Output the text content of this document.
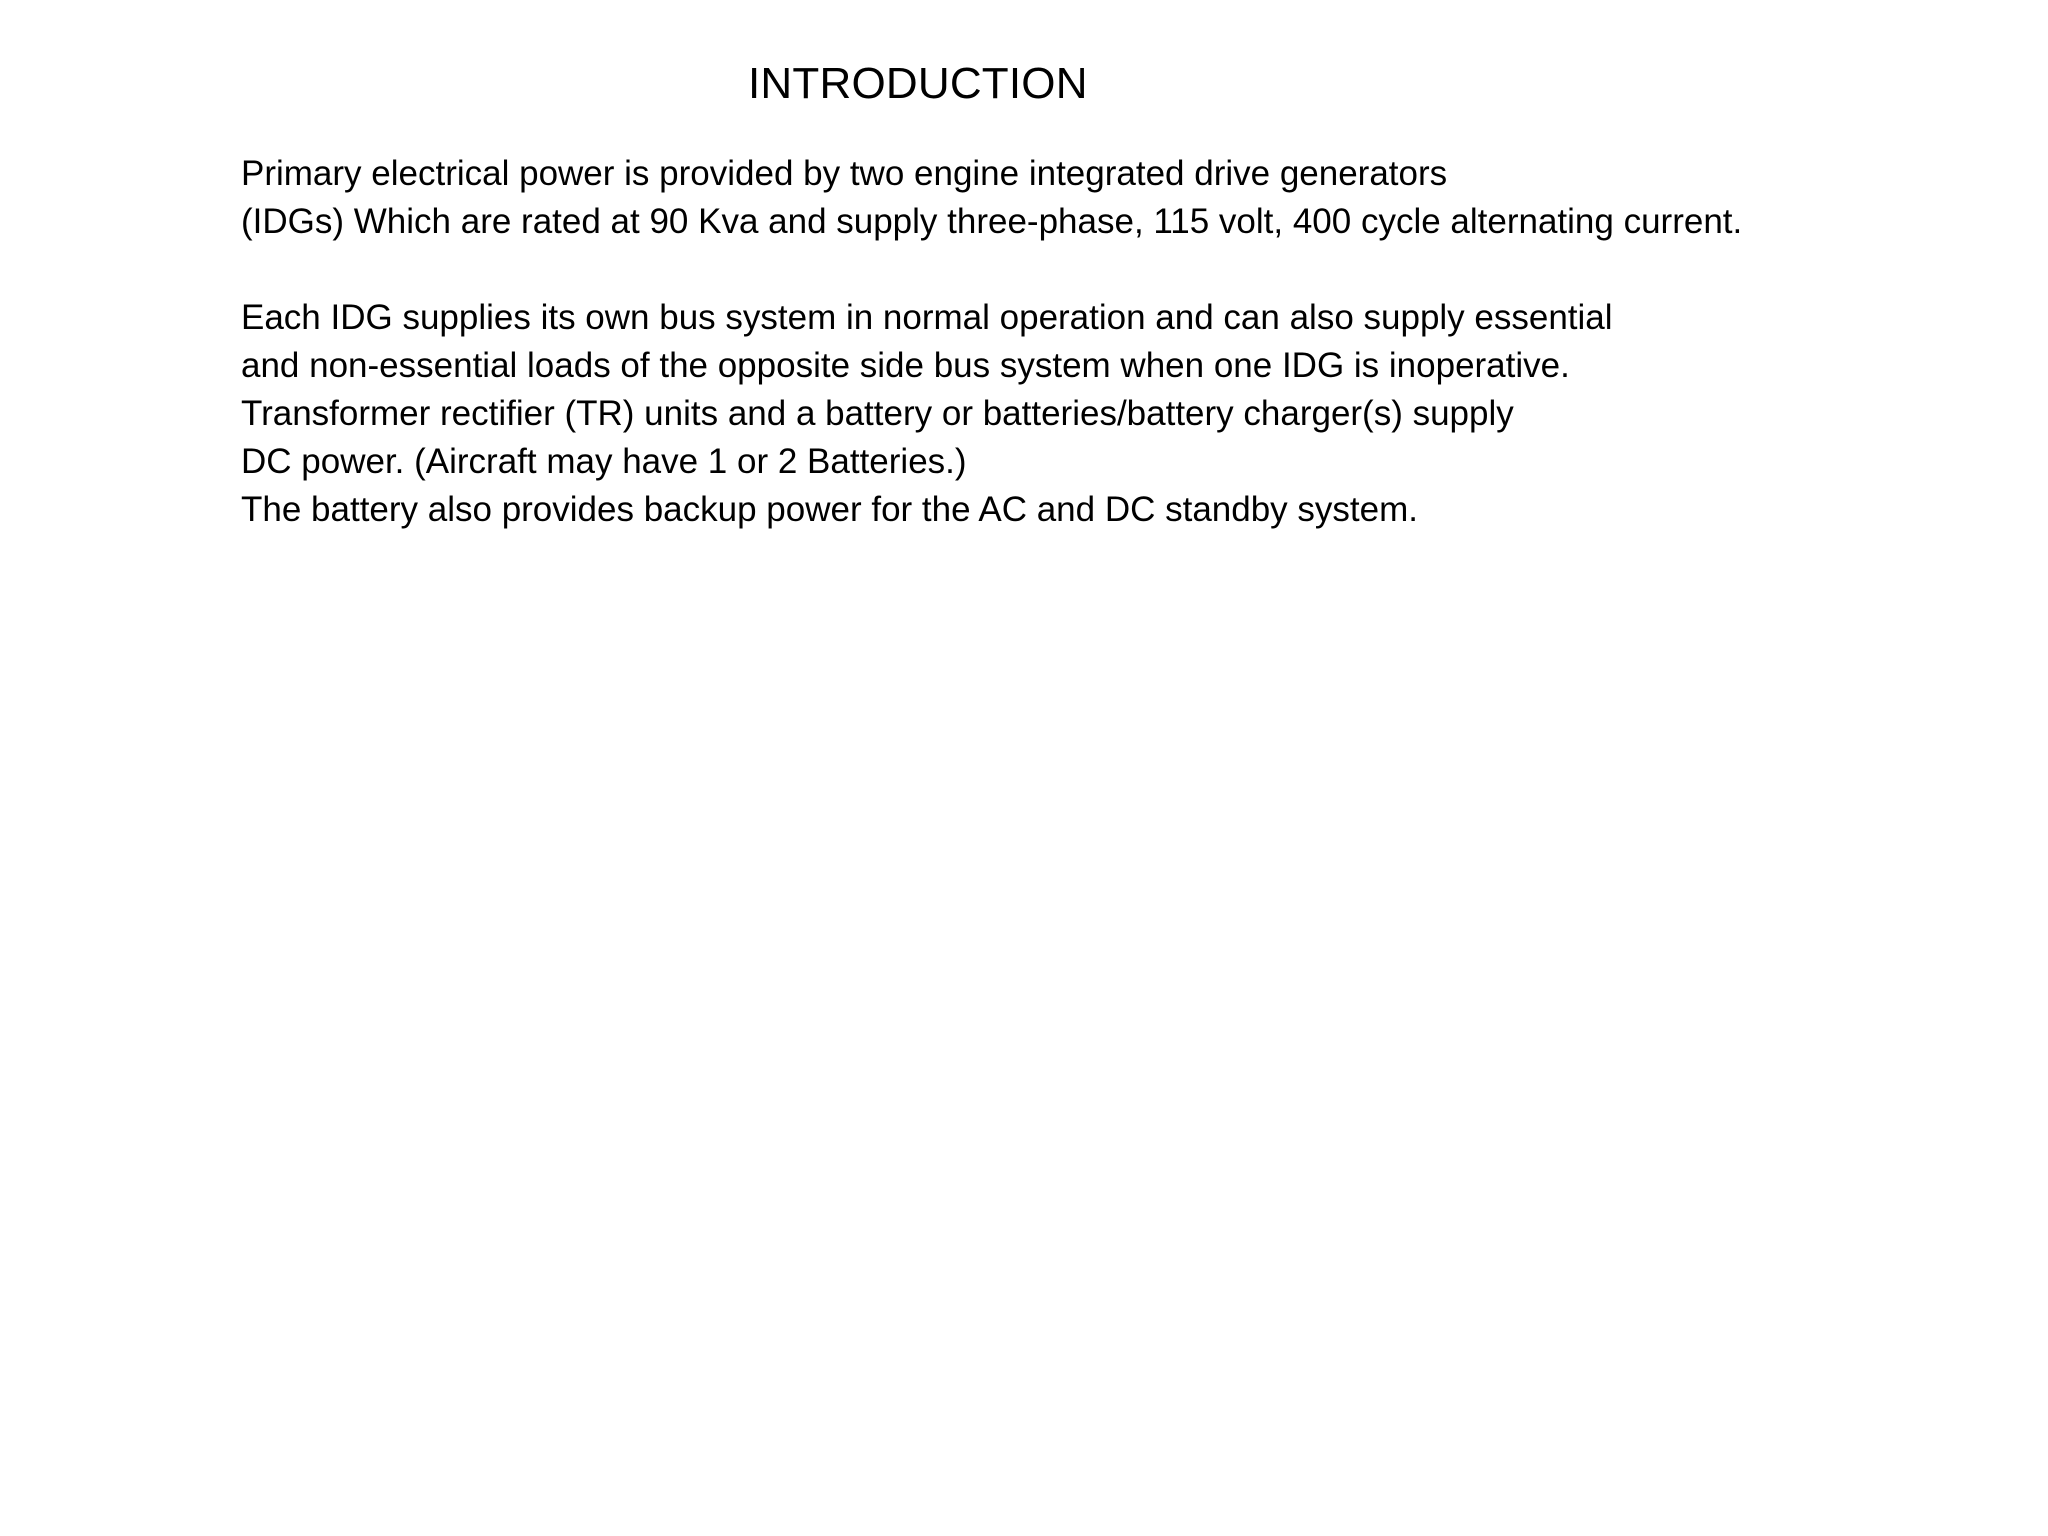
INTRODUCTION
Primary electrical power is provided by two engine integrated drive generators
(IDGs) Which are rated at 90 Kva and supply three-phase, 115 volt, 400 cycle alternating current.
Each IDG supplies its own bus system in normal operation and can also supply essential
and non-essential loads of the opposite side bus system when one IDG is inoperative.
Transformer rectifier (TR) units and a battery or batteries/battery charger(s) supply
DC power. (Aircraft may have 1 or 2 Batteries.)
The battery also provides backup power for the AC and DC standby system.
